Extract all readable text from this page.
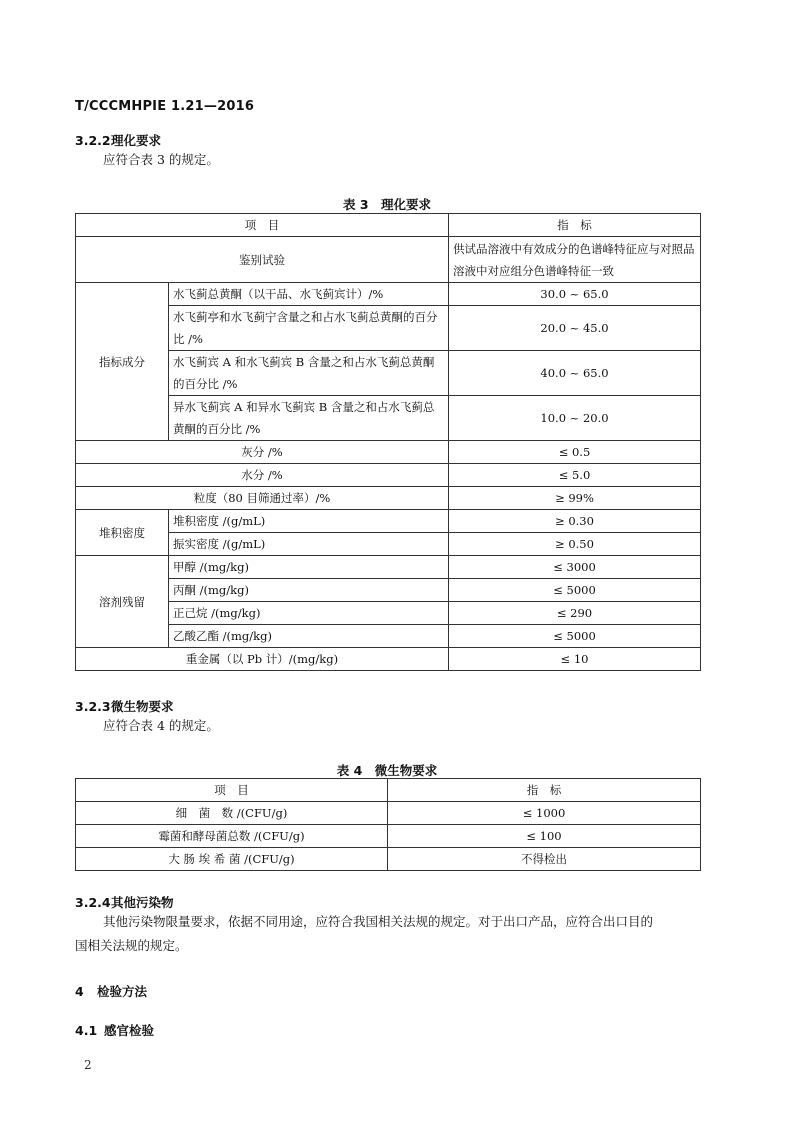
T/CCCMHPIE 1.21—2016
3.2.2理化要求
应符合表 3 的规定。
表 3　理化要求
项　目		指　标
鉴别试验		供试品溶液中有效成分的色谱峰特征应与对照品溶液中对应组分色谱峰特征一致
指标成分	水飞蓟总黄酮（以干品、水飞蓟宾计）/%	30.0 ~ 65.0
	水飞蓟亭和水飞蓟宁含量之和占水飞蓟总黄酮的百分比 /%	20.0 ~ 45.0
	水飞蓟宾 A 和水飞蓟宾 B 含量之和占水飞蓟总黄酮的百分比 /%	40.0 ~ 65.0
	异水飞蓟宾 A 和异水飞蓟宾 B 含量之和占水飞蓟总黄酮的百分比 /%	10.0 ~ 20.0
灰分 /%		≤ 0.5
水分 /%		≤ 5.0
粒度（80 目筛通过率）/%		≥ 99%
堆积密度	堆积密度 /(g/mL)	≥ 0.30
	振实密度 /(g/mL)	≥ 0.50
溶剂残留	甲醇 /(mg/kg)	≤ 3000
	丙酮 /(mg/kg)	≤ 5000
	正己烷 /(mg/kg)	≤ 290
	乙酸乙酯 /(mg/kg)	≤ 5000
重金属（以 Pb 计）/(mg/kg)		≤ 10
3.2.3微生物要求
应符合表 4 的规定。
表 4　微生物要求
项　目	指　标
细　菌　数 /(CFU/g)	≤ 1000
霉菌和酵母菌总数 /(CFU/g)	≤ 100
大 肠 埃 希 菌 /(CFU/g)	不得检出
3.2.4其他污染物
其他污染物限量要求，依据不同用途，应符合我国相关法规的规定。对于出口产品，应符合出口目的
国相关法规的规定。
4 检验方法
4.1 感官检验
2
